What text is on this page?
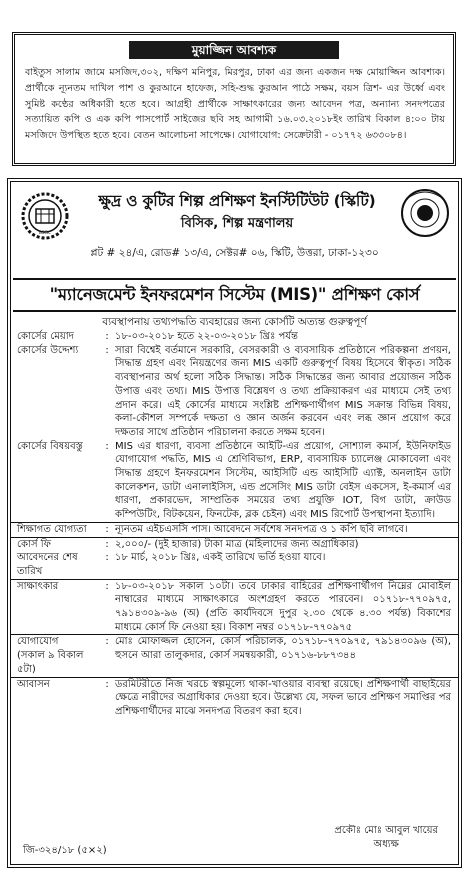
মুয়াজ্জিন আবশ্যক
বাইতুস সালাম জামে মসজিদ,৩০২, দক্ষিণ মনিপুর, মিরপুর, ঢাকা এর জন্য একজন দক্ষ মোয়াজ্জিন আবশ্যক। প্রার্থীকে ন্যূনতম দাখিল পাশ ও কুরআনে হাফেজ, সহি-শুদ্ধ কুরআন পাঠে সক্ষম, বয়স ত্রিশ- এর উর্ধ্বে এবং সুমিষ্ট কণ্ঠের অধিকারী হতে হবে। আগ্রহী প্রার্থীকে সাক্ষাৎকারের জন্য আবেদন পত্র, অন্যান্য সনদপত্রের সত্যায়িত কপি ও এক কপি পাসপোর্ট সাইজের ছবি সহ আগামী ১৬.০৩.২০১৮ইং তারিখ বিকাল ৪:০০ টায় মসজিদে উপস্থিত হতে হবে। বেতন আলোচনা সাপেক্ষে। যোগাযোগ: সেক্রেটারী - ০১৭৭২ ৬৩৩০৮৪।
BSCIC
ক্ষুদ্র ও কুটির শিল্প প্রশিক্ষণ ইনস্টিটিউট (স্কিটি)
বিসিক, শিল্প মন্ত্রণালয়
প্লট # ২৪/এ, রোড# ১৩/এ, সেক্টর# ০৬, স্কিটি, উত্তরা, ঢাকা-১২৩০
"ম্যানেজমেন্ট ইনফরমেশন সিস্টেম (MIS)" প্রশিক্ষণ কোর্স
ব্যবস্থাপনায় তথ্যপদ্ধতি ব্যবহারের জন্য কোর্সটি অত্যন্ত গুরুত্বপূর্ণ
কোর্সের মেয়াদ	:	১৮-০৩-২০১৮ হতে ২২-০৩-২০১৮ খ্রিঃ পর্যন্ত
কোর্সের উদ্দেশ্য	:	সারা বিশ্বেই বর্তমানে সরকারি, বেসরকারী ও ব্যবসায়িক প্রতিষ্ঠানে পরিকল্পনা প্রণয়ন, সিদ্ধান্ত গ্রহণ এবং নিয়ন্ত্রণের জন্য MIS একটি গুরুত্বপূর্ণ বিষয় হিসেবে স্বীকৃত। সঠিক ব্যবস্থাপনার অর্থ হলো সঠিক সিদ্ধান্ত। সঠিক সিদ্ধান্তের জন্য আবার প্রয়োজন সঠিক উপাত্ত এবং তথ্য। MIS উপাত্ত বিশ্লেষণ ও তথ্য প্রক্রিয়াকরণ এর মাধ্যমে সেই তথ্য প্রদান করে। এই কোর্সের মাধ্যমে সংশ্লিষ্ট প্রশিক্ষণার্থীগণ MIS সক্রান্ত বিভিন্ন বিষয়, কলা-কৌশল সম্পর্কে দক্ষতা ও জ্ঞান অর্জন করবেন এবং লব্ধ জ্ঞান প্রয়োগ করে দক্ষতার সাথে প্রতিষ্ঠান পরিচালনা করতে সক্ষম হবেন।
কোর্সের বিষয়বস্তু	:	MIS এর ধারণা, ব্যবসা প্রতিষ্ঠানে আইটি-এর প্রয়োগ, সোশ্যাল কমার্স, ইউনিফাইড যোগাযোগ পদ্ধতি, MIS এ শ্রেণিবিভাগ, ERP, ব্যবসায়িক চ্যালেঞ্জ মোকাবেলা এবং সিদ্ধান্ত গ্রহণে ইনফরমেশন সিস্টেম, আইসিটি এন্ড আইসিটি এ্যাক্ট, অনলাইন ডাটা কালেকশন, ডাটা এনালাইসিস, এন্ড প্রসেসিং MIS ডাটা বেইস একসেস, ই-কমার্স এর ধারণা, প্রকারভেদ, সাম্প্রতিক সময়ের তথ্য প্রযুক্তি IOT, বিগ ডাটা, ক্রাউড কম্পিউটিং, বিটকয়েন, ফিনটেক, ব্লক চেইন) এবং MIS রিপোর্ট উপস্থাপনা ইত্যাদি।
শিক্ষাগত যোগ্যতা	:	ন্যূনতম এইচএসসি পাস। আবেদনে সর্বশেষ সনদপত্র ও ১ কপি ছবি লাগবে।
কোর্স ফি	:	২,০০০/- (দুই হাজার) টাকা মাত্র (মহিলাদের জন্য অগ্রাধিকার)
আবেদনের শেষ তারিখ	:	১৮ মার্চ, ২০১৮ খ্রিঃ, একই তারিখে ভর্তি হওয়া যাবে।
সাক্ষাৎকার	:	১৮-০৩-২০১৮ সকাল ১০টা। তবে ঢাকার বাহিরের প্রশিক্ষণার্থীগণ নিম্নের মোবাইল নাম্বারের মাধ্যমে সাক্ষাৎকারে অংশগ্রহণ করতে পারবেন। ০১৭১৮-৭৭০৯৭৫, ৭৯১৪৩০৯-৯৬ (অ) (প্রতি কার্যদিবসে দুপুর ২.৩০ থেকে ৪.৩০ পর্যন্ত) বিকাশের মাধ্যমে কোর্স ফি নেওয়া হয়। বিকাশ নম্বর ০১৭১৮-৭৭০৯৭৫
যোগাযোগ
(সকাল ৯ বিকাল ৫টা)	:	মোঃ মোফাজ্জল হোসেন, কোর্স পরিচালক, ০১৭১৮-৭৭০৯৭৫, ৭৯১৪৩০৯৬ (অ), হুসনে আরা তালুকদার, কোর্স সমন্বয়কারী, ০১৭১৬-৮৮৭৩৪৪
আবাসন	:	ডরমিটরীতে নিজ খরচে স্বল্পমূল্যে থাকা-খাওয়ার ব্যবস্থা রয়েছে। প্রশিক্ষণার্থী বাছাইয়ের ক্ষেত্রে নারীদের অগ্রাধিকার দেওয়া হবে। উল্লেখ্য যে, সফল ভাবে প্রশিক্ষণ সমাপ্তির পর প্রশিক্ষণার্থীদের মাঝে সনদপত্র বিতরণ করা হবে।
প্রকৌঃ মোঃ আবুল খায়ের
অধ্যক্ষ
জি-৩২৪/১৮ (৫×২)
